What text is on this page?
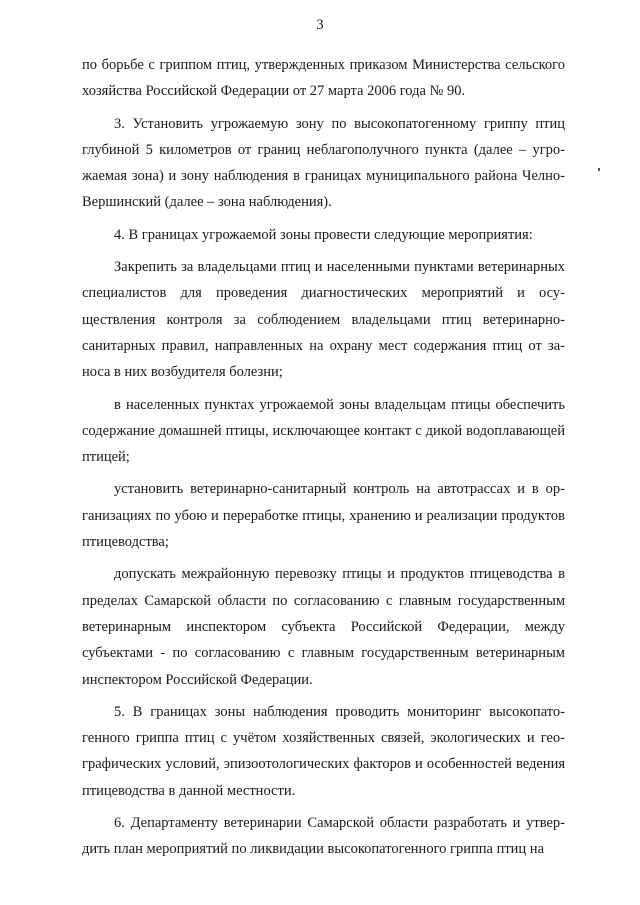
3

по борьбе с гриппом птиц, утвержденных приказом Министерства сельского хозяйства Российской Федерации от 27 марта 2006 года № 90.

3. Установить угрожаемую зону по высокопатогенному гриппу птиц глубиной 5 километров от границ неблагополучного пункта (далее – угрожаемая зона) и зону наблюдения в границах муниципального района Челно-Вершинский (далее – зона наблюдения).

4. В границах угрожаемой зоны провести следующие мероприятия:

Закрепить за владельцами птиц и населенными пунктами ветеринарных специалистов для проведения диагностических мероприятий и осуществления контроля за соблюдением владельцами птиц ветеринарно-санитарных правил, направленных на охрану мест содержания птиц от заноса в них возбудителя болезни;

в населенных пунктах угрожаемой зоны владельцам птицы обеспечить содержание домашней птицы, исключающее контакт с дикой водоплавающей птицей;

установить ветеринарно-санитарный контроль на автотрассах и в организациях по убою и переработке птицы, хранению и реализации продуктов птицеводства;

допускать межрайонную перевозку птицы и продуктов птицеводства в пределах Самарской области по согласованию с главным государственным ветеринарным инспектором субъекта Российской Федерации, между субъектами - по согласованию с главным государственным ветеринарным инспектором Российской Федерации.

5. В границах зоны наблюдения проводить мониторинг высокопатогенного гриппа птиц с учётом хозяйственных связей, экологических и географических условий, эпизоотологических факторов и особенностей ведения птицеводства в данной местности.

6. Департаменту ветеринарии Самарской области разработать и утвердить план мероприятий по ликвидации высокопатогенного гриппа птиц на
